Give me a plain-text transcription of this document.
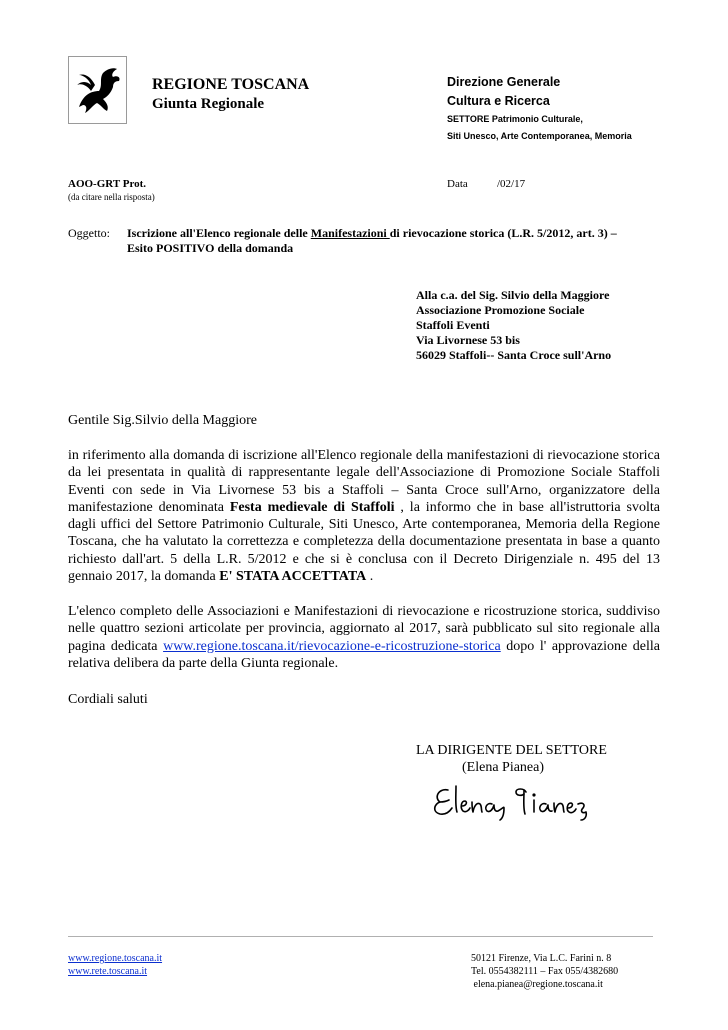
REGIONE TOSCANA
Giunta Regionale
Direzione Generale
Cultura e Ricerca
SETTORE Patrimonio Culturale,
Siti Unesco, Arte Contemporanea, Memoria
AOO-GRT Prot.
(da citare nella risposta)
Data	/02/17
Oggetto: Iscrizione all'Elenco regionale delle Manifestazioni di rievocazione storica (L.R. 5/2012, art. 3) –
Esito POSITIVO della domanda
Alla c.a. del Sig. Silvio della Maggiore
Associazione Promozione Sociale
Staffoli Eventi
Via Livornese 53 bis
56029 Staffoli-- Santa Croce sull'Arno
Gentile Sig.Silvio della Maggiore
in riferimento alla domanda di iscrizione all'Elenco regionale della manifestazioni di rievocazione storica da lei presentata in qualità di rappresentante legale dell'Associazione di Promozione Sociale Staffoli Eventi con sede in Via Livornese 53 bis a Staffoli – Santa Croce sull'Arno, organizzatore della manifestazione denominata Festa medievale di Staffoli , la informo che in base all'istruttoria svolta dagli uffici del Settore Patrimonio Culturale, Siti Unesco, Arte contemporanea, Memoria della Regione Toscana, che ha valutato la correttezza e completezza della documentazione presentata in base a quanto richiesto dall'art. 5 della L.R. 5/2012 e che si è conclusa con il Decreto Dirigenziale n. 495 del 13 gennaio 2017, la domanda E' STATA ACCETTATA .
L'elenco completo delle Associazioni e Manifestazioni di rievocazione e ricostruzione storica, suddiviso nelle quattro sezioni articolate per provincia, aggiornato al 2017, sarà pubblicato sul sito regionale alla pagina dedicata www.regione.toscana.it/rievocazione-e-ricostruzione-storica dopo l' approvazione della relativa delibera da parte della Giunta regionale.
Cordiali saluti
LA DIRIGENTE DEL SETTORE
(Elena Pianea)
www.regione.toscana.it
www.rete.toscana.it
50121 Firenze, Via L.C. Farini n. 8
Tel. 0554382111 – Fax 055/4382680
elena.pianea@regione.toscana.it
